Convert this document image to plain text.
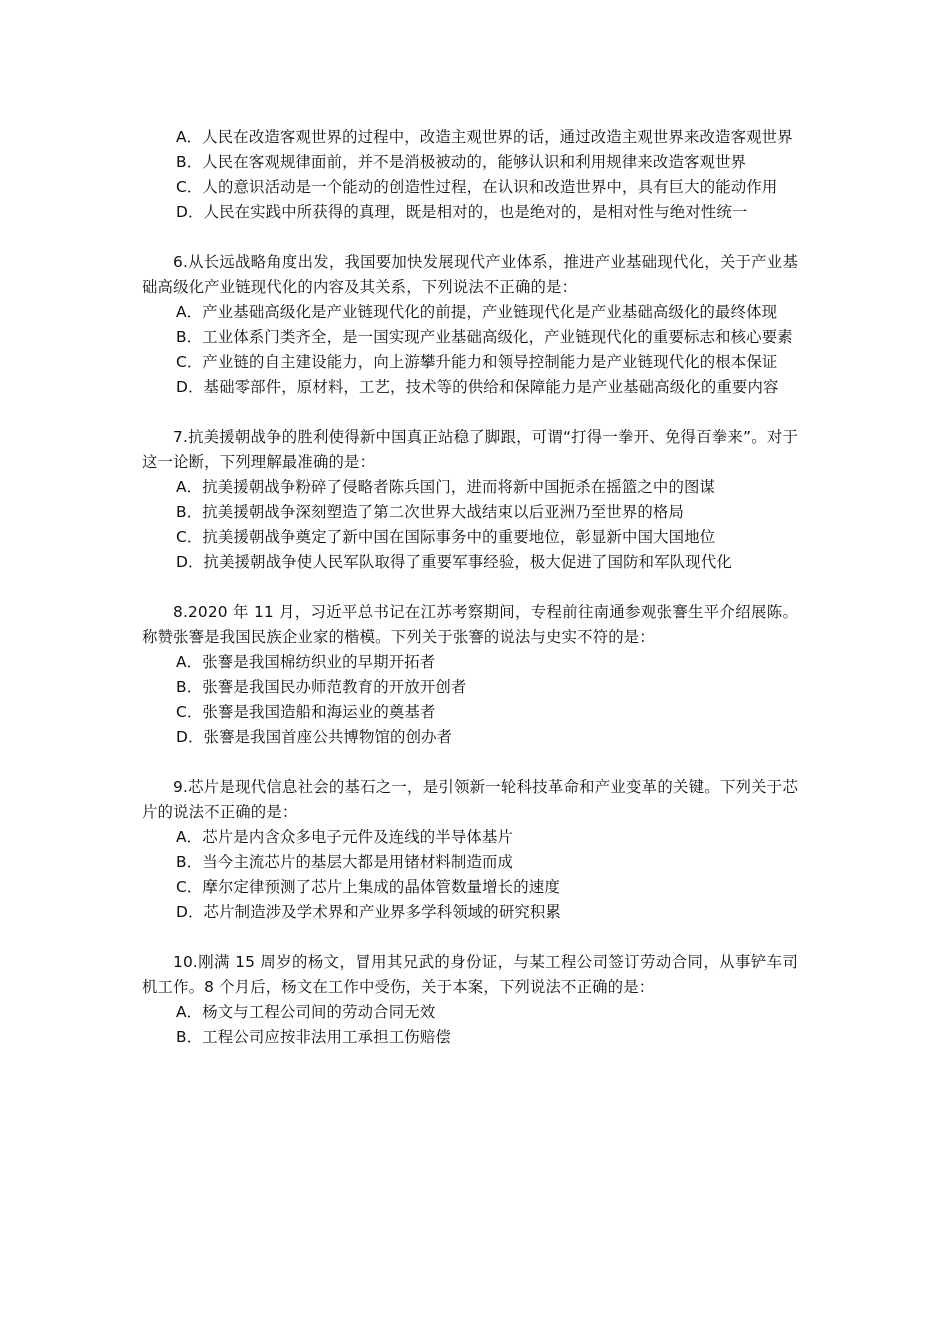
A．人民在改造客观世界的过程中，改造主观世界的话，通过改造主观世界来改造客观世界

B．人民在客观规律面前，并不是消极被动的，能够认识和利用规律来改造客观世界

C．人的意识活动是一个能动的创造性过程，在认识和改造世界中，具有巨大的能动作用

D．人民在实践中所获得的真理，既是相对的，也是绝对的，是相对性与绝对性统一

6.从长远战略角度出发，我国要加快发展现代产业体系，推进产业基础现代化，关于产业基础高级化产业链现代化的内容及其关系，下列说法不正确的是：

A．产业基础高级化是产业链现代化的前提，产业链现代化是产业基础高级化的最终体现

B．工业体系门类齐全，是一国实现产业基础高级化，产业链现代化的重要标志和核心要素

C．产业链的自主建设能力，向上游攀升能力和领导控制能力是产业链现代化的根本保证

D．基础零部件，原材料，工艺，技术等的供给和保障能力是产业基础高级化的重要内容

7.抗美援朝战争的胜利使得新中国真正站稳了脚跟，可谓“打得一拳开、免得百拳来”。对于这一论断，下列理解最准确的是：

A．抗美援朝战争粉碎了侵略者陈兵国门，进而将新中国扼杀在摇篮之中的图谋

B．抗美援朝战争深刻塑造了第二次世界大战结束以后亚洲乃至世界的格局

C．抗美援朝战争奠定了新中国在国际事务中的重要地位，彰显新中国大国地位

D．抗美援朝战争使人民军队取得了重要军事经验，极大促进了国防和军队现代化

8.2020 年 11 月，习近平总书记在江苏考察期间，专程前往南通参观张謇生平介绍展陈。称赞张謇是我国民族企业家的楷模。下列关于张謇的说法与史实不符的是：

A．张謇是我国棉纺织业的早期开拓者

B．张謇是我国民办师范教育的开放开创者

C．张謇是我国造船和海运业的奠基者

D．张謇是我国首座公共博物馆的创办者

9.芯片是现代信息社会的基石之一，是引领新一轮科技革命和产业变革的关键。下列关于芯片的说法不正确的是：

A．芯片是内含众多电子元件及连线的半导体基片

B．当今主流芯片的基层大都是用锗材料制造而成

C．摩尔定律预测了芯片上集成的晶体管数量增长的速度

D．芯片制造涉及学术界和产业界多学科领域的研究积累

10.刚满 15 周岁的杨文，冒用其兄武的身份证，与某工程公司签订劳动合同，从事铲车司机工作。8 个月后，杨文在工作中受伤，关于本案，下列说法不正确的是：

A．杨文与工程公司间的劳动合同无效

B．工程公司应按非法用工承担工伤赔偿
